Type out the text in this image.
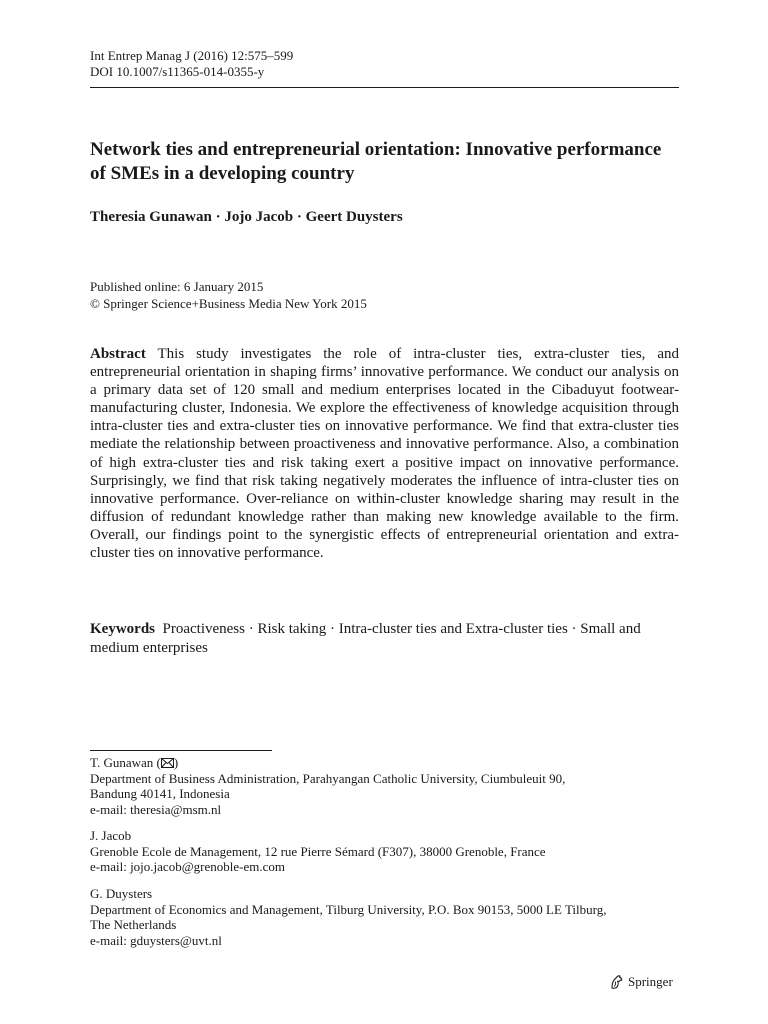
Int Entrep Manag J (2016) 12:575–599
DOI 10.1007/s11365-014-0355-y
Network ties and entrepreneurial orientation: Innovative performance of SMEs in a developing country
Theresia Gunawan · Jojo Jacob · Geert Duysters
Published online: 6 January 2015
© Springer Science+Business Media New York 2015

Abstract This study investigates the role of intra-cluster ties, extra-cluster ties, and entrepreneurial orientation in shaping firms’ innovative performance. We conduct our analysis on a primary data set of 120 small and medium enterprises located in the Cibaduyut footwear-manufacturing cluster, Indonesia. We explore the effectiveness of knowledge acquisition through intra-cluster ties and extra-cluster ties on innovative performance. We find that extra-cluster ties mediate the relationship between proactiveness and innovative performance. Also, a combination of high extra-cluster ties and risk taking exert a positive impact on innovative performance. Surprisingly, we find that risk taking negatively moderates the influence of intra-cluster ties on innovative performance. Over-reliance on within-cluster knowledge sharing may result in the diffusion of redundant knowledge rather than making new knowledge available to the firm. Overall, our findings point to the synergistic effects of entrepreneurial orientation and extra-cluster ties on innovative performance.

Keywords Proactiveness · Risk taking · Intra-cluster ties and Extra-cluster ties · Small and medium enterprises

T. Gunawan ( )
Department of Business Administration, Parahyangan Catholic University, Ciumbuleuit 90,
Bandung 40141, Indonesia
e-mail: theresia@msm.nl
J. Jacob
Grenoble Ecole de Management, 12 rue Pierre Sémard (F307), 38000 Grenoble, France
e-mail: jojo.jacob@grenoble-em.com
G. Duysters
Department of Economics and Management, Tilburg University, P.O. Box 90153, 5000 LE Tilburg,
The Netherlands
e-mail: gduysters@uvt.nl
Springer
